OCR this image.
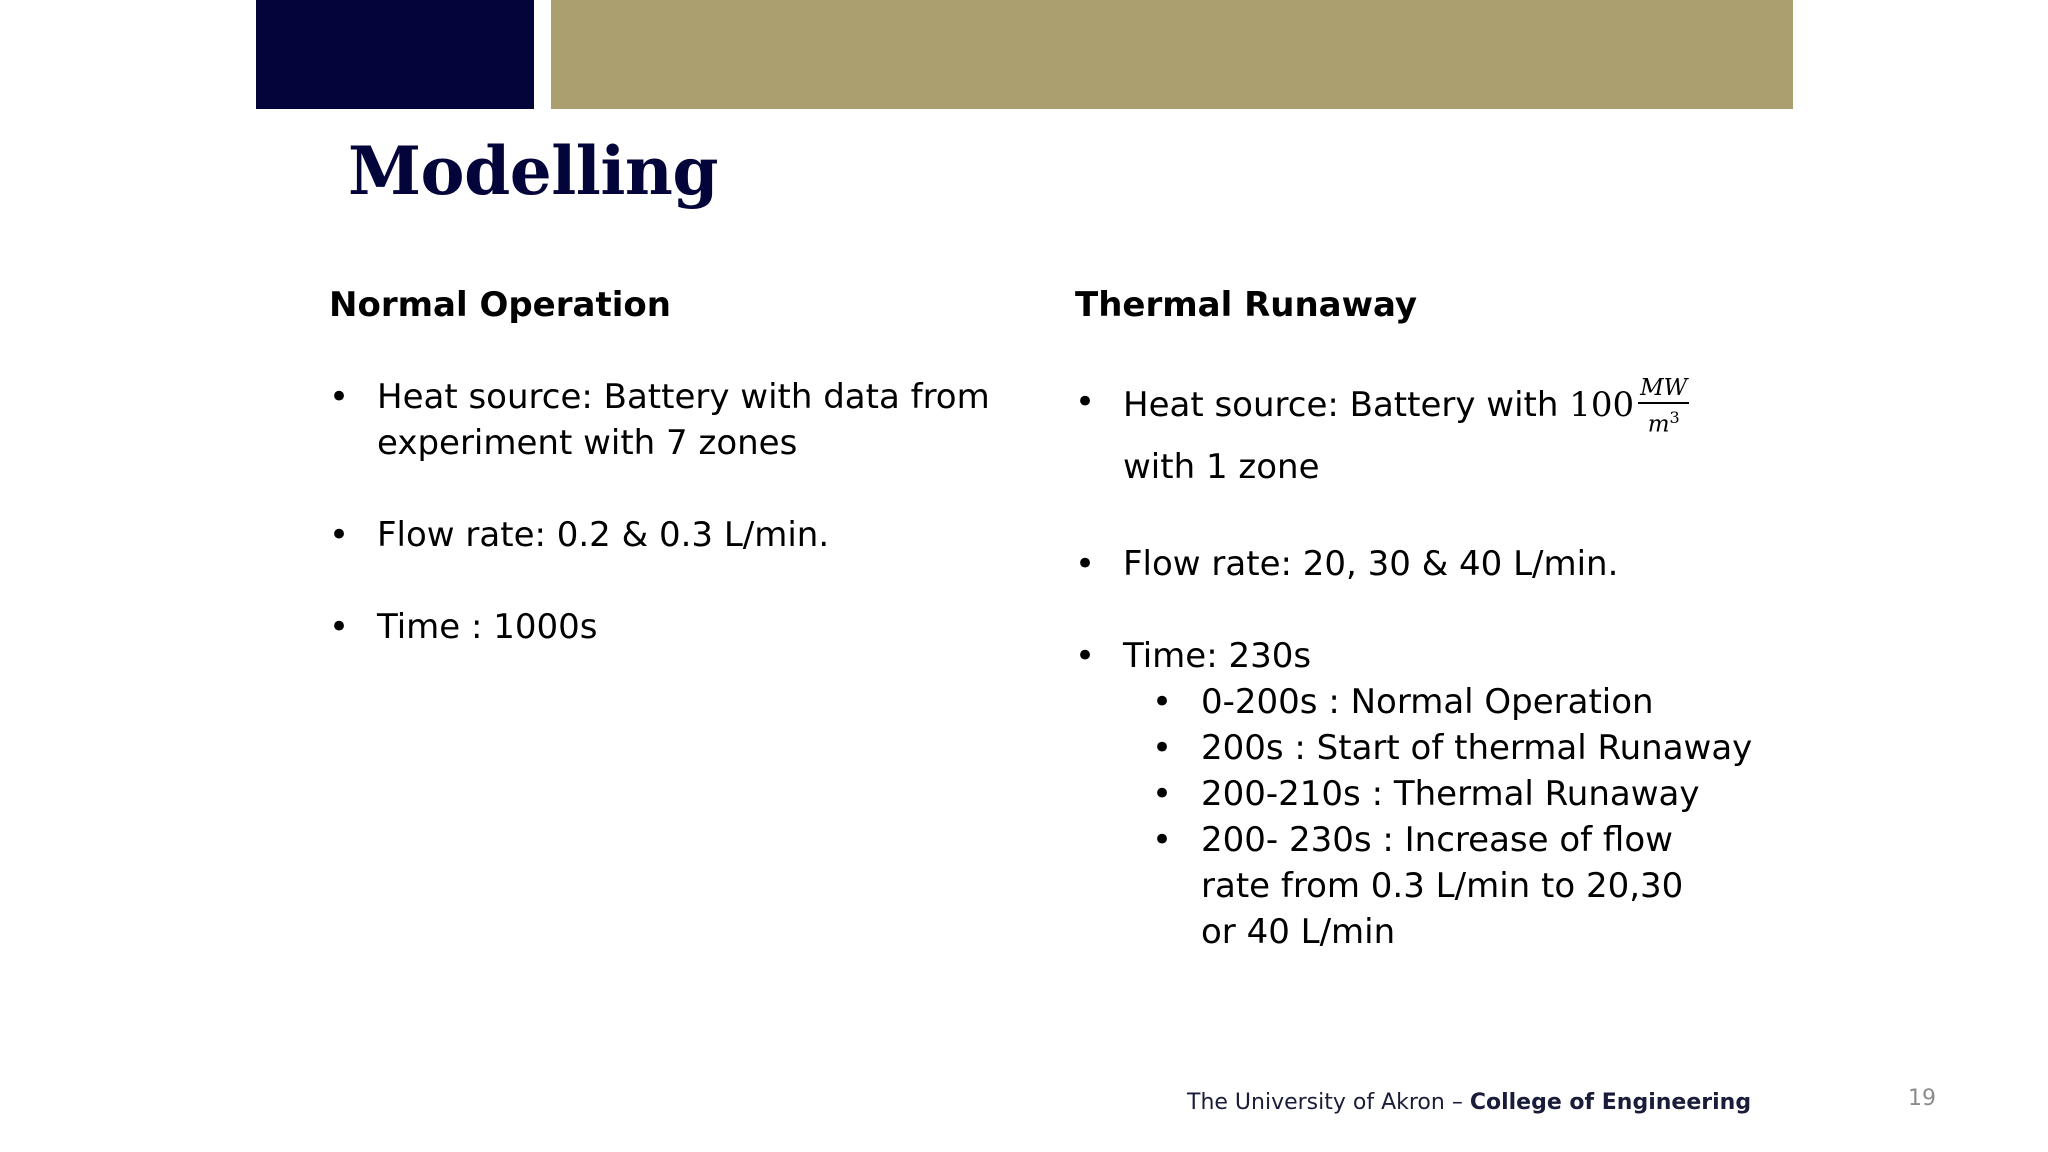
Modelling
Normal Operation
• Heat source: Battery with data from experiment with 7 zones
• Flow rate: 0.2 & 0.3 L/min.
• Time : 1000s
Thermal Runaway
• Heat source: Battery with $100 \frac{MW}{m^3}$
with 1 zone
• Flow rate: 20, 30 & 40 L/min.
• Time: 230s
• 0-200s : Normal Operation
• 200s : Start of thermal Runaway
• 200-210s : Thermal Runaway
• 200- 230s : Increase of flow rate from 0.3 L/min to 20,30 or 40 L/min
The University of Akron – College of Engineering	19
